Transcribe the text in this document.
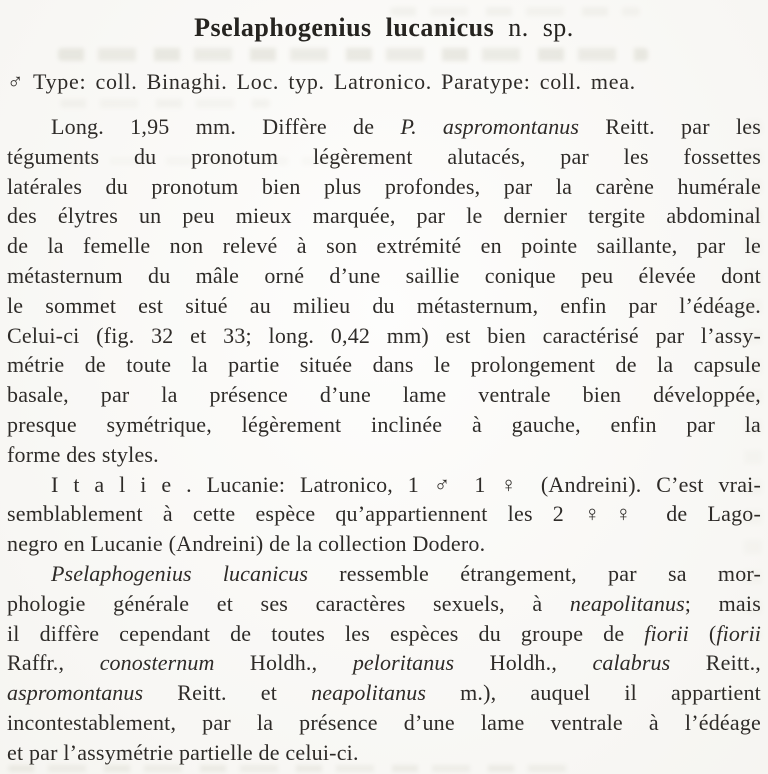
Pselaphogenius lucanicus n. sp.

♂ Type: coll. Binaghi. Loc. typ. Latronico. Paratype: coll. mea.

Long. 1,95 mm. Diffère de P. aspromontanus Reitt. par les
téguments du pronotum légèrement alutacés, par les fossettes
latérales du pronotum bien plus profondes, par la carène humérale
des élytres un peu mieux marquée, par le dernier tergite abdominal
de la femelle non relevé à son extrémité en pointe saillante, par le
métasternum du mâle orné d’une saillie conique peu élevée dont
le sommet est situé au milieu du métasternum, enfin par l’édéage.
Celui-ci (fig. 32 et 33; long. 0,42 mm) est bien caractérisé par l’assy-
métrie de toute la partie située dans le prolongement de la capsule
basale, par la présence d’une lame ventrale bien développée,
presque symétrique, légèrement inclinée à gauche, enfin par la
forme des styles.
I t a l i e . Lucanie: Latronico, 1 ♂ 1 ♀ (Andreini). C’est vrai-
semblablement à cette espèce qu’appartiennent les 2 ♀♀ de Lago-
negro en Lucanie (Andreini) de la collection Dodero.
Pselaphogenius lucanicus ressemble étrangement, par sa mor-
phologie générale et ses caractères sexuels, à neapolitanus; mais
il diffère cependant de toutes les espèces du groupe de fiorii (fiorii
Raffr., conosternum Holdh., peloritanus Holdh., calabrus Reitt.,
aspromontanus Reitt. et neapolitanus m.), auquel il appartient
incontestablement, par la présence d’une lame ventrale à l’édéage
et par l’assymétrie partielle de celui-ci.
